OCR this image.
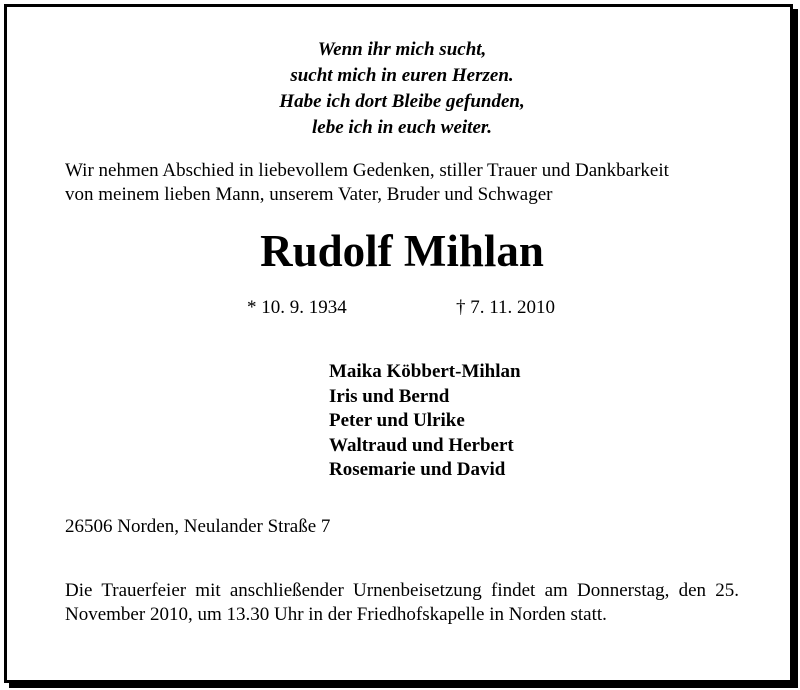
Wenn ihr mich sucht,
sucht mich in euren Herzen.
Habe ich dort Bleibe gefunden,
lebe ich in euch weiter.
Wir nehmen Abschied in liebevollem Gedenken, stiller Trauer und Dankbarkeit
von meinem lieben Mann, unserem Vater, Bruder und Schwager
Rudolf Mihlan
* 10. 9. 1934	† 7. 11. 2010
Maika Köbbert-Mihlan
Iris und Bernd
Peter und Ulrike
Waltraud und Herbert
Rosemarie und David
26506 Norden, Neulander Straße 7
Die Trauerfeier mit anschließender Urnenbeisetzung findet am Donnerstag, den 25. November 2010, um 13.30 Uhr in der Friedhofskapelle in Norden statt.
